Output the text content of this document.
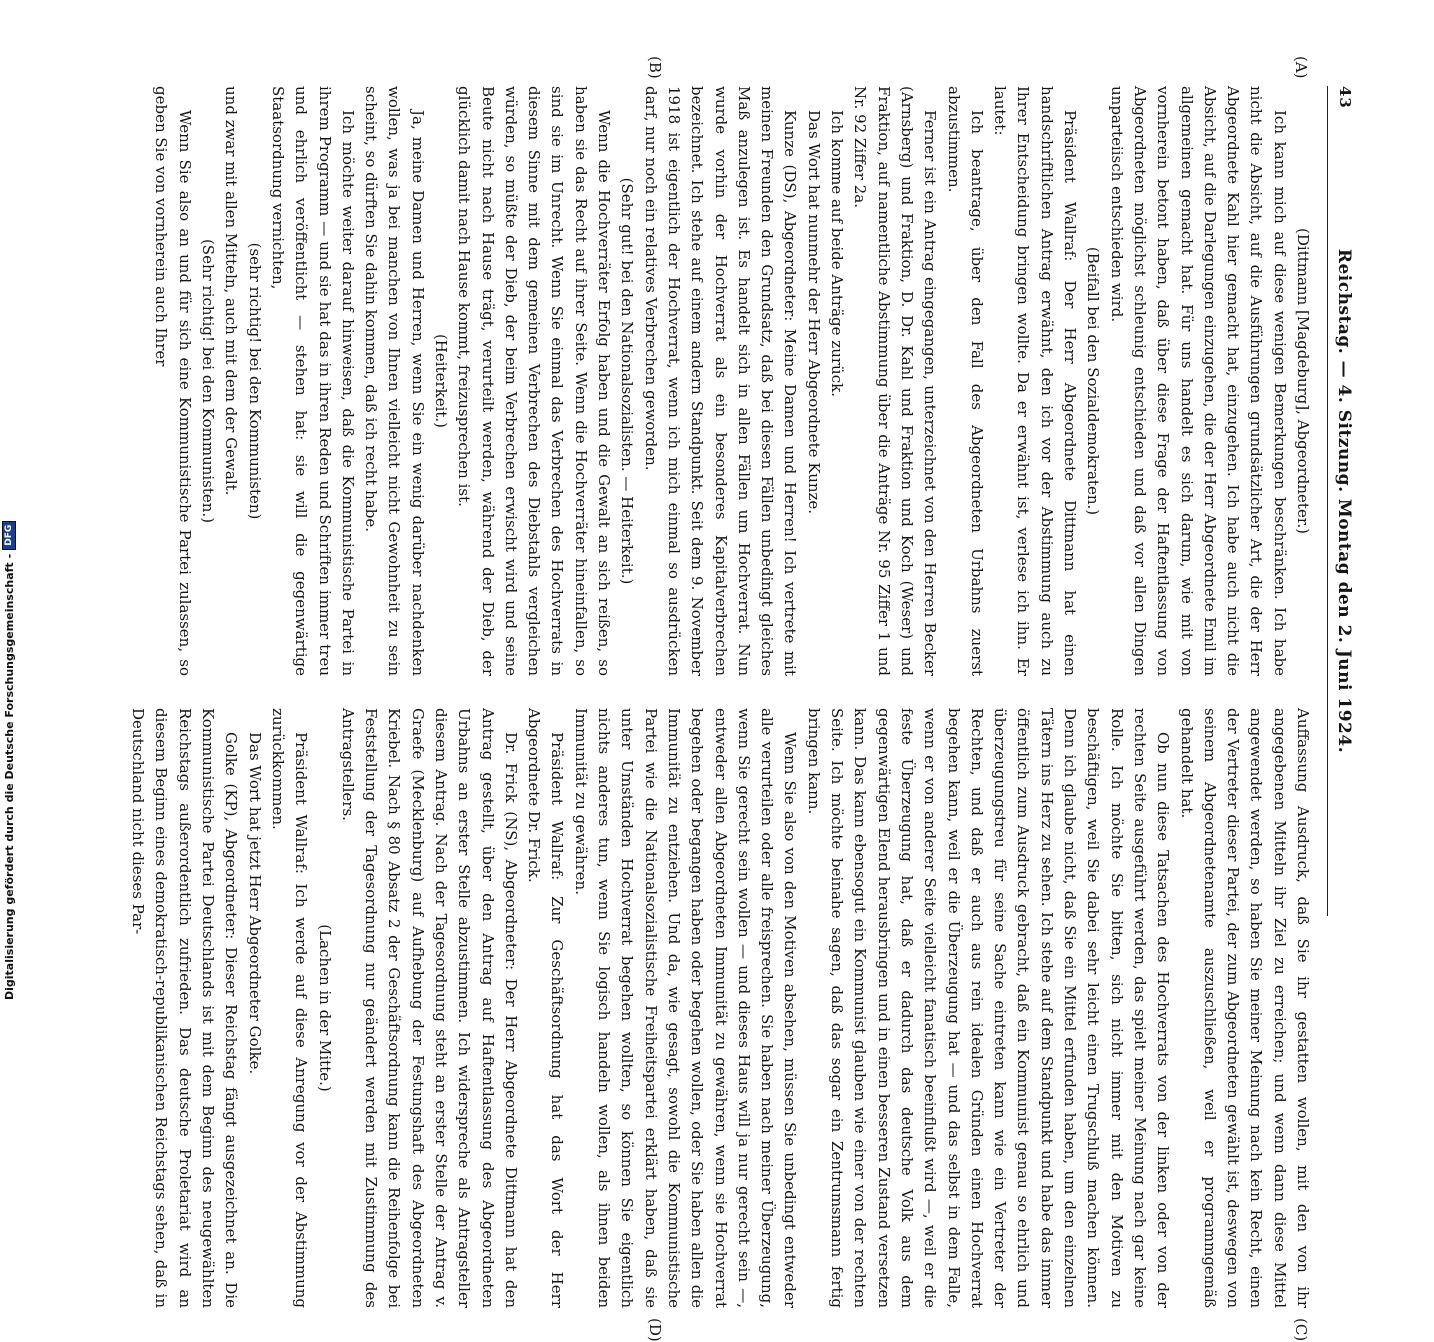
43
Reichstag. — 4. Sitzung. Montag den 2. Juni 1924.
(A)
(B)
(C)
(D)

(Dittmann [Magdeburg], Abgeordneter.)

Ich kann mich auf diese wenigen Bemerkungen beschränken. Ich habe nicht die Absicht, auf die Ausführungen grundsätzlicher Art, die der Herr Abgeordnete Kahl hier gemacht hat, einzugehen. Ich habe auch nicht die Absicht, auf die Darlegungen einzugehen, die der Herr Abgeordnete Emil im allgemeinen gemacht hat. Für uns handelt es sich darum, wie mit von vornherein betont haben, daß über diese Frage der Haftentlassung von Abgeordneten möglichst schleunig entschieden und daß vor allen Dingen unparteiisch entschieden wird.

(Beifall bei den Sozialdemokraten.)

Präsident Wallraf: Der Herr Abgeordnete Dittmann hat einen handschriftlichen Antrag erwähnt, den ich vor der Abstimmung auch zu Ihrer Entscheidung bringen wollte. Da er erwähnt ist, verlese ich ihn. Er lautet:

Ich beantrage, über den Fall des Abgeordneten Urbahns zuerst abzustimmen.

Ferner ist ein Antrag eingegangen, unterzeichnet von den Herren Becker (Arnsberg) und Fraktion, D. Dr. Kahl und Fraktion und Koch (Weser) und Fraktion, auf namentliche Abstimmung über die Anträge Nr. 95 Ziffer 1 und Nr. 92 Ziffer 2a.

Ich komme auf beide Anträge zurück.

Das Wort hat nunmehr der Herr Abgeordnete Kunze.

Kunze (DS), Abgeordneter: Meine Damen und Herren! Ich vertrete mit meinen Freunden den Grundsatz, daß bei diesen Fällen unbedingt gleiches Maß anzulegen ist. Es handelt sich in allen Fällen um Hochverrat. Nun wurde vorhin der Hochverrat als ein besonderes Kapitalverbrechen bezeichnet. Ich stehe auf einem andern Standpunkt. Seit dem 9. November 1918 ist eigentlich der Hochverrat, wenn ich mich einmal so ausdrücken darf, nur noch ein relatives Verbrechen geworden.

(Sehr gut! bei den Nationalsozialisten. — Heiterkeit.)

Wenn die Hochverräter Erfolg haben und die Gewalt an sich reißen, so haben sie das Recht auf ihrer Seite. Wenn die Hochverräter hineinfallen, so sind sie im Unrecht. Wenn Sie einmal das Verbrechen des Hochverrats in diesem Sinne mit dem gemeinen Verbrechen des Diebstahls vergleichen würden, so müßte der Dieb, der beim Verbrechen erwischt wird und seine Beute nicht nach Hause trägt, verurteilt werden, während der Dieb, der glücklich damit nach Hause kommt, freizusprechen ist.

(Heiterkeit.)

Ja, meine Damen und Herren, wenn Sie ein wenig darüber nachdenken wollen, was ja bei manchen von Ihnen vielleicht nicht Gewohnheit zu sein scheint, so dürften Sie dahin kommen, daß ich recht habe.

Ich möchte weiter darauf hinweisen, daß die Kommunistische Partei in ihrem Programm — und sie hat das in ihren Reden und Schriften immer treu und ehrlich veröffentlicht — stehen hat: sie will die gegenwärtige Staatsordnung vernichten,

(sehr richtig! bei den Kommunisten)

und zwar mit allen Mitteln, auch mit dem der Gewalt.

(Sehr richtig! bei den Kommunisten.)

Wenn Sie also an und für sich eine Kommunistische Partei zulassen, so geben Sie von vornherein auch Ihrer

Auffassung Ausdruck, daß Sie ihr gestatten wollen, mit den von ihr angegebenen Mitteln ihr Ziel zu erreichen; und wenn dann diese Mittel angewendet werden, so haben Sie meiner Meinung nach kein Recht, einen der Vertreter dieser Partei, der zum Abgeordneten gewählt ist, deswegen von seinem Abgeordnetenamte auszuschließen, weil er programmgemäß gehandelt hat.

Ob nun diese Tatsachen des Hochverrats von der linken oder von der rechten Seite ausgeführt werden, das spielt meiner Meinung nach gar keine Rolle. Ich möchte Sie bitten, sich nicht immer mit den Motiven zu beschäftigen, weil Sie dabei sehr leicht einen Trugschluß machen können. Denn ich glaube nicht, daß Sie ein Mittel erfunden haben, um den einzelnen Tätern ins Herz zu sehen. Ich stehe auf dem Standpunkt und habe das immer öffentlich zum Ausdruck gebracht, daß ein Kommunist genau so ehrlich und überzeugungstreu für seine Sache eintreten kann wie ein Vertreter der Rechten, und daß er auch aus rein idealen Gründen einen Hochverrat begehen kann, weil er die Überzeugung hat — und das selbst in dem Falle, wenn er von anderer Seite vielleicht fanatisch beeinflußt wird —, weil er die feste Überzeugung hat, daß er dadurch das deutsche Volk aus dem gegenwärtigen Elend herausbringen und in einen besseren Zustand versetzen kann. Das kann ebensogut ein Kommunist glauben wie einer von der rechten Seite. Ich möchte beinahe sagen, daß das sogar ein Zentrumsmann fertig bringen kann.

Wenn Sie also von den Motiven absehen, müssen Sie unbedingt entweder alle verurteilen oder alle freisprechen. Sie haben nach meiner Überzeugung, wenn Sie gerecht sein wollen — und dieses Haus will ja nur gerecht sein —, entweder allen Abgeordneten Immunität zu gewähren, wenn sie Hochverrat begehen oder begangen haben oder begehen wollen, oder Sie haben allen die Immunität zu entziehen. Und da, wie gesagt, sowohl die Kommunistische Partei wie die Nationalsozialistische Freiheitspartei erklärt haben, daß sie unter Umständen Hochverrat begehen wollten, so können Sie eigentlich nichts anderes tun, wenn Sie logisch handeln wollen, als ihnen beiden Immunität zu gewähren.

Präsident Wallraf: Zur Geschäftsordnung hat das Wort der Herr Abgeordnete Dr. Frick.

Dr. Frick (NS), Abgeordneter: Der Herr Abgeordnete Dittmann hat den Antrag gestellt, über den Antrag auf Haftentlassung des Abgeordneten Urbahns an erster Stelle abzustimmen. Ich widerspreche als Antragsteller diesem Antrag. Nach der Tagesordnung steht an erster Stelle der Antrag v. Graefe (Mecklenburg) auf Aufhebung der Festungshaft des Abgeordneten Kriebel. Nach § 80 Absatz 2 der Geschäftsordnung kann die Reihenfolge bei Feststellung der Tagesordnung nur geändert werden mit Zustimmung des Antragstellers.

(Lachen in der Mitte.)

Präsident Wallraf: Ich werde auf diese Anregung vor der Abstimmung zurückkommen.

Das Wort hat jetzt Herr Abgeordneter Golke.

Golke (KP), Abgeordneter: Dieser Reichstag fängt ausgezeichnet an. Die Kommunistische Partei Deutschlands ist mit dem Beginn des neugewählten Reichstags außerordentlich zufrieden. Das deutsche Proletariat wird an diesem Beginn eines demokratisch-republikanischen Reichstags sehen, daß in Deutschland nicht dieses Par-

Digitalisierung gefördert durch die Deutsche Forschungsgemeinschaft
-
DFG
